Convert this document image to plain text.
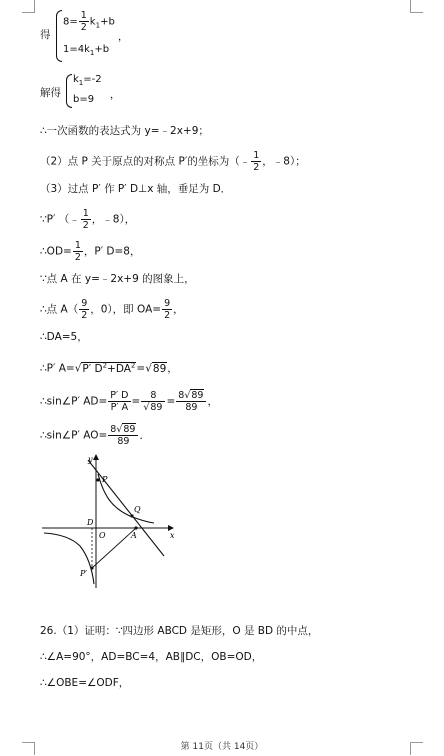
得
$8= \frac{1}{2} k_1+b$
$1=4k_1+b$
，
解得
$k_1=-2$
b=9 ，
∴一次函数的表达式为 y=﹣2x+9；
（2）点 P 关于原点的对称点 P′的坐标为（﹣ $\frac{1}{2}$ ，﹣8）；
（3）过点 P′ 作 P′ D⊥x 轴，垂足为 D．
∵P′ （﹣ $\frac{1}{2}$ ，﹣8），
∴OD= $\frac{1}{2}$ ，P′ D=8，
∵点 A 在 y=﹣2x+9 的图象上，
∴点 $A( \frac{9}{2}$ ，0），即 $OA= \frac{9}{2}$ ，
∴DA=5，
∴P′ A=√P′ $D^2+DA^2=√89$，
∴sin∠P′ $AD= \frac{P' D}{P' A} = \frac{8}{√89} = \frac{8√89}{89}$ ，
∴sin∠P′ $AO= \frac{8√89}{89}$ ．
y
x
P
Q
D
O	A
P′
26.（1）证明：∵四边形 ABCD 是矩形，O 是 BD 的中点，
∴∠A=90°，AD=BC=4，AB∥DC，OB=OD，
∴∠OBE=∠ODF，
第 11页（共 14页）
